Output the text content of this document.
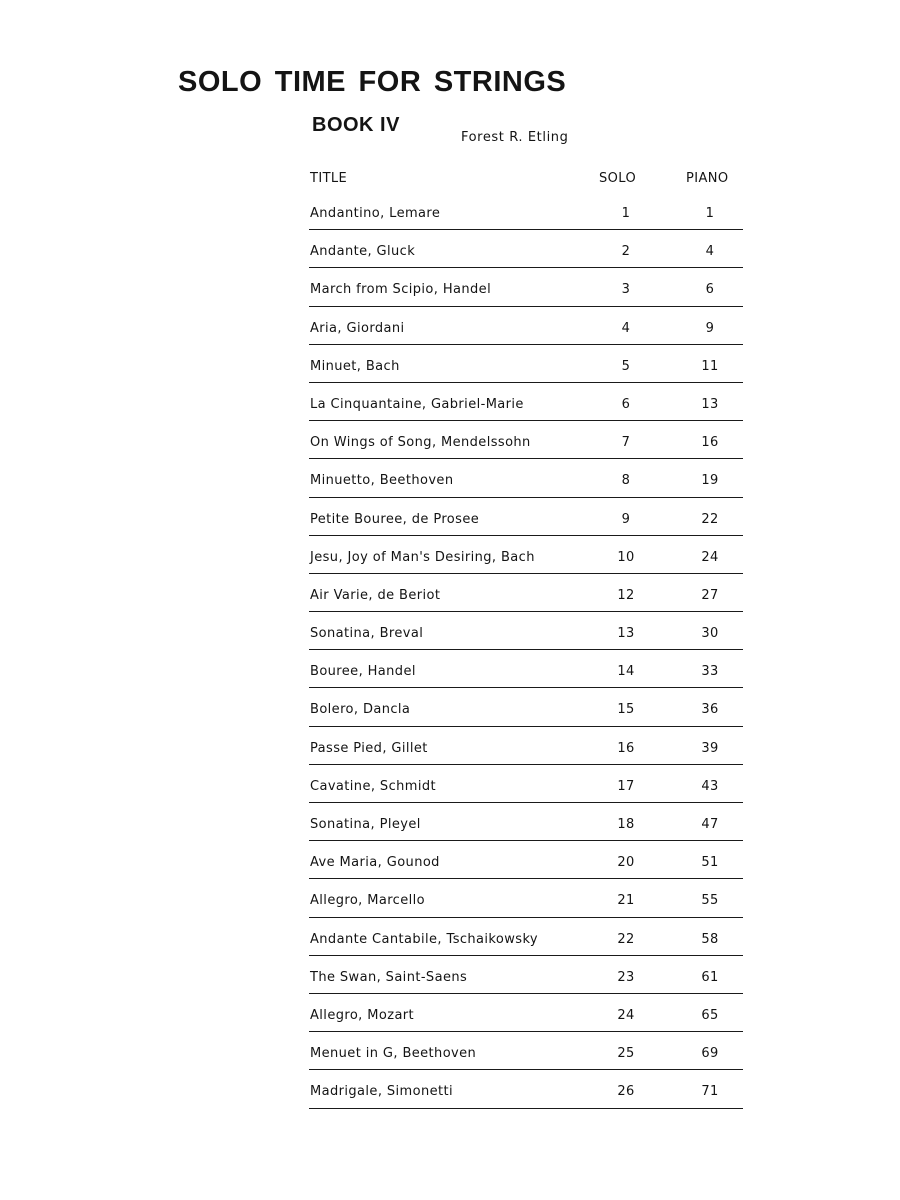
SOLO TIME FOR STRINGS
BOOK IV
Forest R. Etling
TITLE	SOLO	PIANO
Andantino, Lemare	1	1
Andante, Gluck	2	4
March from Scipio, Handel	3	6
Aria, Giordani	4	9
Minuet, Bach	5	11
La Cinquantaine, Gabriel-Marie	6	13
On Wings of Song, Mendelssohn	7	16
Minuetto, Beethoven	8	19
Petite Bouree, de Prosee	9	22
Jesu, Joy of Man's Desiring, Bach	10	24
Air Varie, de Beriot	12	27
Sonatina, Breval	13	30
Bouree, Handel	14	33
Bolero, Dancla	15	36
Passe Pied, Gillet	16	39
Cavatine, Schmidt	17	43
Sonatina, Pleyel	18	47
Ave Maria, Gounod	20	51
Allegro, Marcello	21	55
Andante Cantabile, Tschaikowsky	22	58
The Swan, Saint-Saens	23	61
Allegro, Mozart	24	65
Menuet in G, Beethoven	25	69
Madrigale, Simonetti	26	71
